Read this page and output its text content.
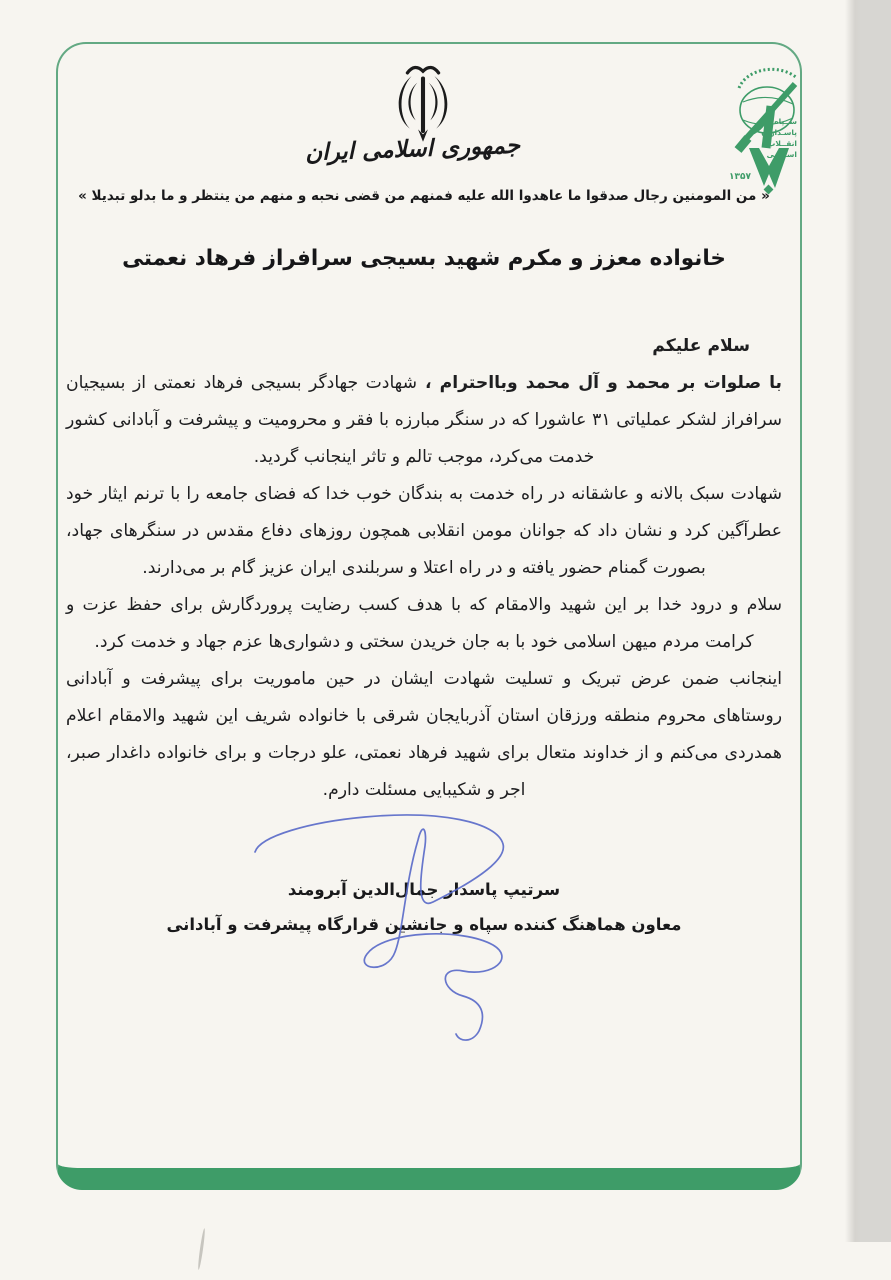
جمهوری اسلامی ایران
ســپاه
پاسـداران
انقــلاب
اسـلامی
۱۳۵۷
« من المومنین رجال صدقوا ما عاهدوا الله علیه فمنهم من قضی نحبه و منهم من ینتظر و ما بدلو تبدیلا »
خانواده معزز و مکرم شهید بسیجی سرافراز فرهاد نعمتی

سلام علیکم

با صلوات بر محمد و آل محمد وبااحترام ، شهادت جهادگر بسیجی فرهاد نعمتی از بسیجیان سرافراز لشکر عملیاتی ۳۱ عاشورا که در سنگر مبارزه با فقر و محرومیت و پیشرفت و آبادانی کشور خدمت می‌کرد، موجب تالم و تاثر اینجانب گردید.

شهادت سبک بالانه و عاشقانه در راه خدمت به بندگان خوب خدا که فضای جامعه را با ترنم ایثار خود عطرآگین کرد و نشان داد که جوانان مومن انقلابی همچون روزهای دفاع مقدس در سنگرهای جهاد، بصورت گمنام حضور یافته و در راه اعتلا و سربلندی ایران عزیز گام بر می‌دارند.

سلام و درود خدا بر این شهید والامقام که با هدف کسب رضایت پروردگارش برای حفظ عزت و کرامت مردم میهن اسلامی خود با به جان خریدن سختی و دشواری‌ها عزم جهاد و خدمت کرد.

اینجانب ضمن عرض تبریک و تسلیت شهادت ایشان در حین ماموریت برای پیشرفت و آبادانی روستاهای محروم منطقه ورزقان استان آذربایجان شرقی با خانواده شریف این شهید والامقام اعلام همدردی می‌کنم و از خداوند متعال برای شهید فرهاد نعمتی، علو درجات و برای خانواده داغدار صبر، اجر و شکیبایی مسئلت دارم.

سرتیپ پاسدار جمال‌الدین آبرومند
معاون هماهنگ کننده سپاه و جانشین قرارگاه پیشرفت و آبادانی
